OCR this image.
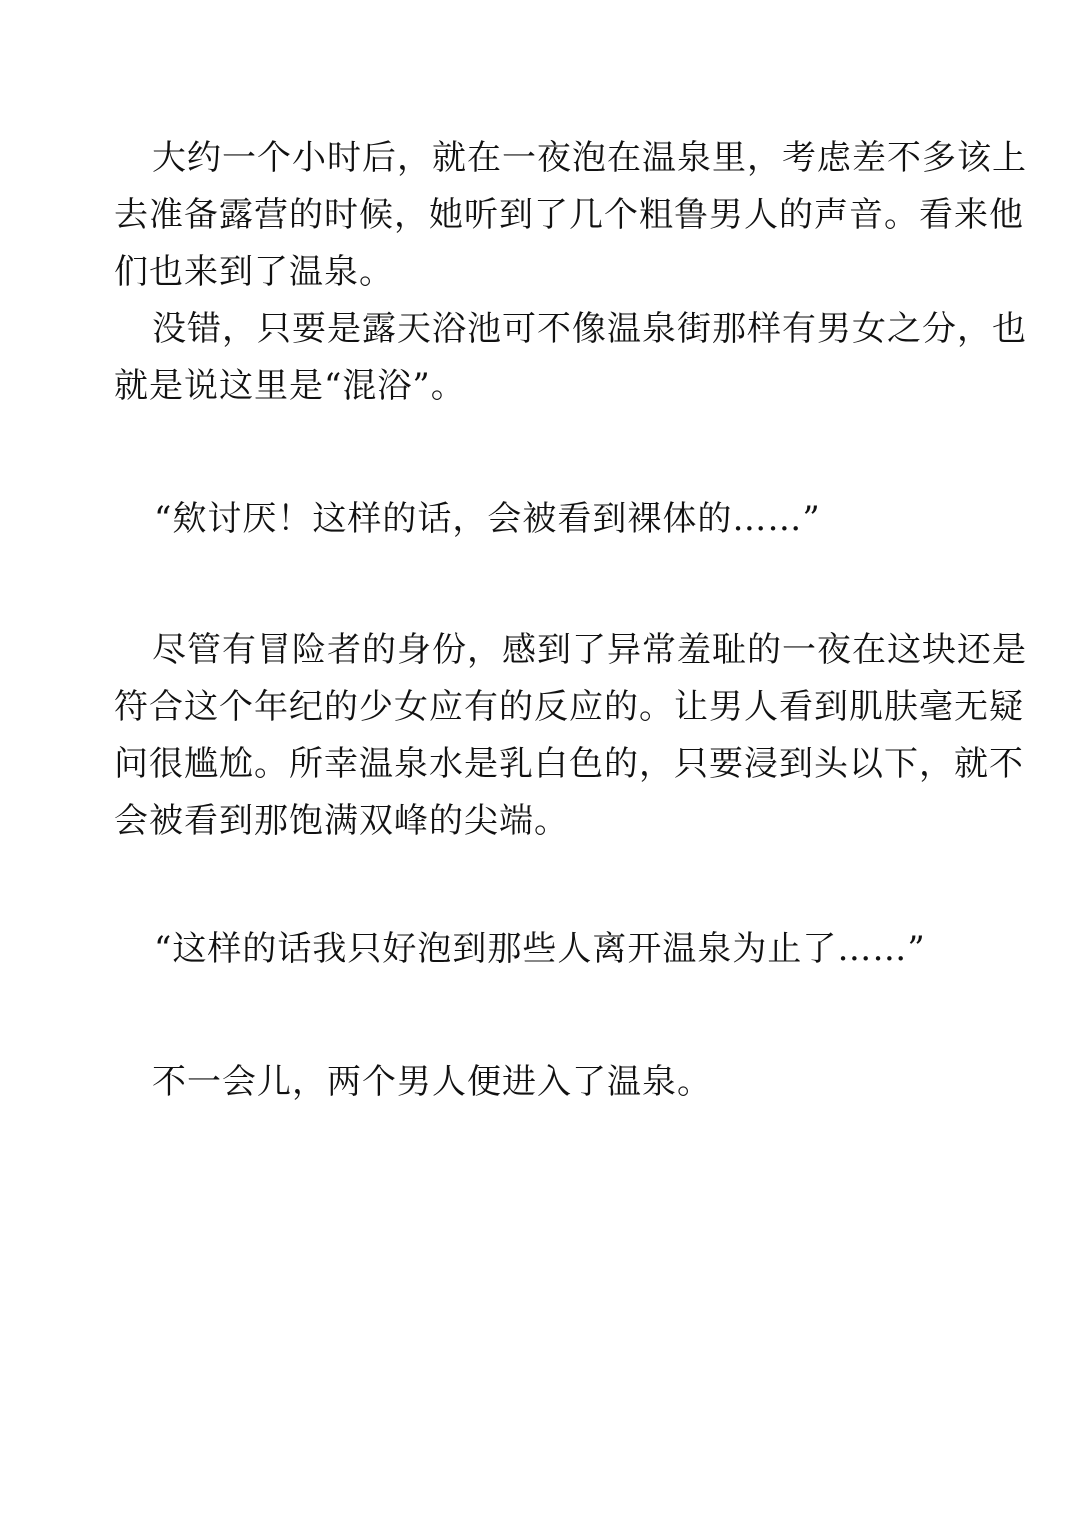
大约一个小时后，就在一夜泡在温泉里，考虑差不多该上
去准备露营的时候，她听到了几个粗鲁男人的声音。看来他
们也来到了温泉。
没错，只要是露天浴池可不像温泉街那样有男女之分，也
就是说这里是“混浴”。
“欸讨厌！这样的话，会被看到裸体的……”
尽管有冒险者的身份，感到了异常羞耻的一夜在这块还是
符合这个年纪的少女应有的反应的。让男人看到肌肤毫无疑
问很尴尬。所幸温泉水是乳白色的，只要浸到头以下，就不
会被看到那饱满双峰的尖端。
“这样的话我只好泡到那些人离开温泉为止了……”
不一会儿，两个男人便进入了温泉。
